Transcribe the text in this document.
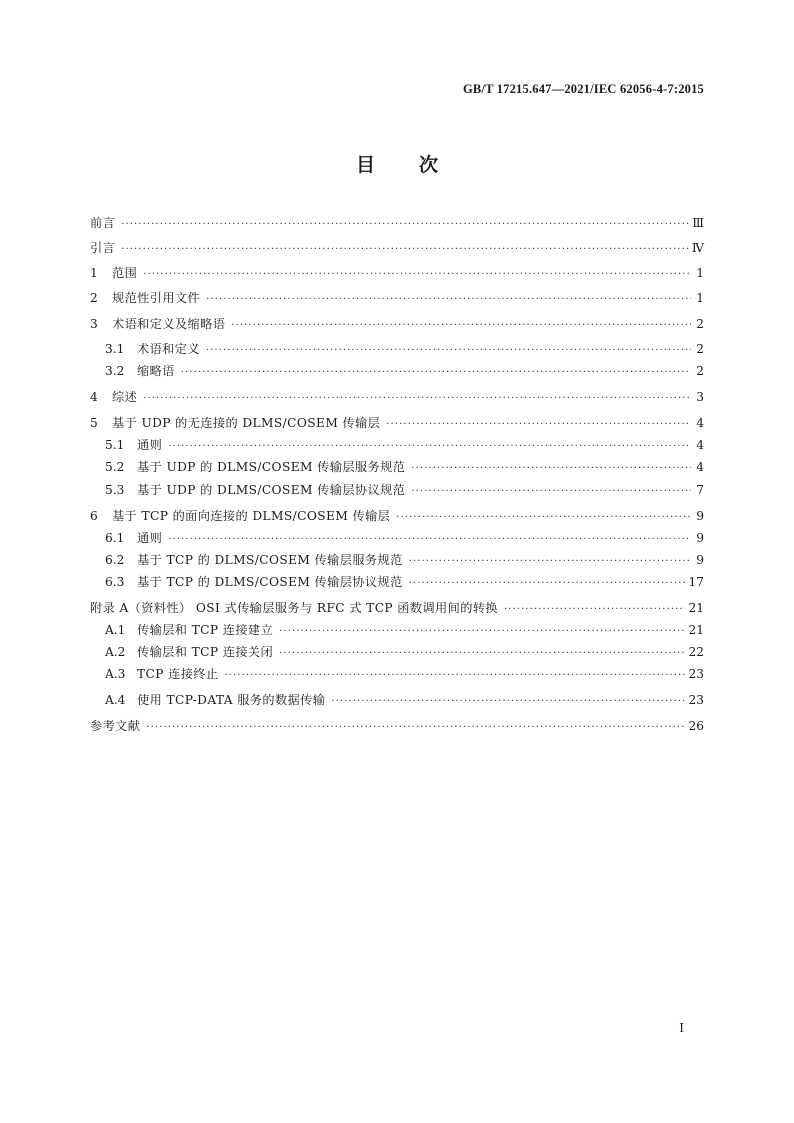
GB/T 17215.647—2021/IEC 62056-4-7:2015
目 次
前言 ·····	Ⅲ
引言 ·····	Ⅳ
1	范围 ·····	1
2	规范性引用文件 ·····	1
3	术语和定义及缩略语 ·····	2
3.1	术语和定义 ·····	2
3.2	缩略语 ·····	2
4	综述 ·····	3
5	基于 UDP 的无连接的 DLMS/COSEM 传输层 ·····	4
5.1	通则 ·····	4
5.2	基于 UDP 的 DLMS/COSEM 传输层服务规范 ·····	4
5.3	基于 UDP 的 DLMS/COSEM 传输层协议规范 ·····	7
6	基于 TCP 的面向连接的 DLMS/COSEM 传输层 ·····	9
6.1	通则 ·····	9
6.2	基于 TCP 的 DLMS/COSEM 传输层服务规范 ·····	9
6.3	基于 TCP 的 DLMS/COSEM 传输层协议规范 ·····	17
附录 A（资料性） OSI 式传输层服务与 RFC 式 TCP 函数调用间的转换 ·····	21
A.1 传输层和 TCP 连接建立 ·····	21
A.2 传输层和 TCP 连接关闭 ·····	22
A.3 TCP 连接终止 ·····	23
A.4 使用 TCP-DATA 服务的数据传输 ·····	23
参考文献 ·····	26
Ⅰ
